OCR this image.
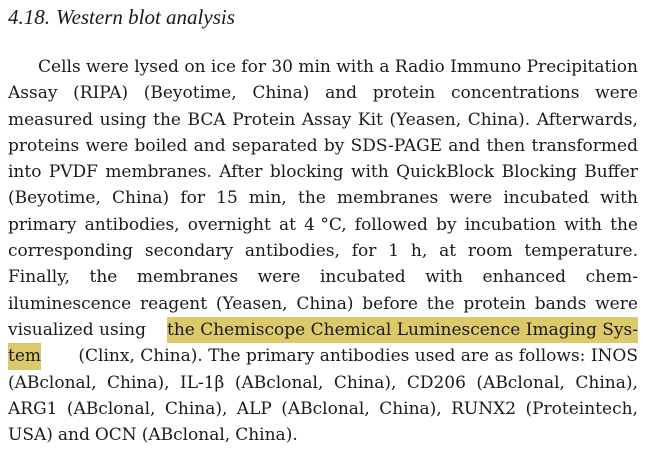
4.18. Western blot analysis
Cells were lysed on ice for 30 min with a Radio Immuno Precipitation
Assay (RIPA) (Beyotime, China) and protein concentrations were
measured using the BCA Protein Assay Kit (Yeasen, China). Afterwards,
proteins were boiled and separated by SDS-PAGE and then transformed
into PVDF membranes. After blocking with QuickBlock Blocking Buffer
(Beyotime, China) for 15 min, the membranes were incubated with
primary antibodies, overnight at 4 °C, followed by incubation with the
corresponding secondary antibodies, for 1 h, at room temperature.
Finally, the membranes were incubated with enhanced chem-
iluminescence reagent (Yeasen, China) before the protein bands were
visualized using the Chemiscope Chemical Luminescence Imaging Sys-
tem (Clinx, China). The primary antibodies used are as follows: INOS
(ABclonal, China), IL-1β (ABclonal, China), CD206 (ABclonal, China),
ARG1 (ABclonal, China), ALP (ABclonal, China), RUNX2 (Proteintech,
USA) and OCN (ABclonal, China).
